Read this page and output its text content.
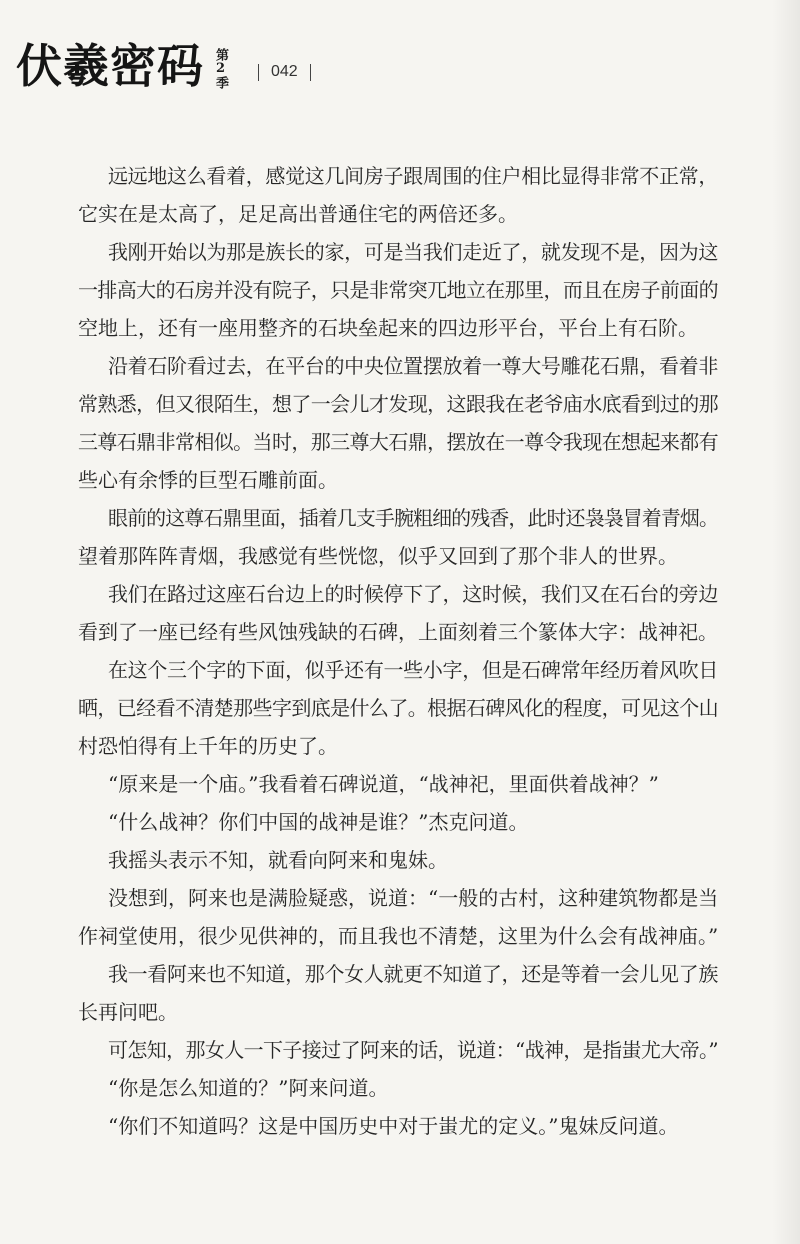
伏羲密码 第2季	042
远远地这么看着，感觉这几间房子跟周围的住户相比显得非常不正常，
它实在是太高了，足足高出普通住宅的两倍还多。
我刚开始以为那是族长的家，可是当我们走近了，就发现不是，因为这
一排高大的石房并没有院子，只是非常突兀地立在那里，而且在房子前面的
空地上，还有一座用整齐的石块垒起来的四边形平台，平台上有石阶。
沿着石阶看过去，在平台的中央位置摆放着一尊大号雕花石鼎，看着非
常熟悉，但又很陌生，想了一会儿才发现，这跟我在老爷庙水底看到过的那
三尊石鼎非常相似。当时，那三尊大石鼎，摆放在一尊令我现在想起来都有
些心有余悸的巨型石雕前面。
眼前的这尊石鼎里面，插着几支手腕粗细的残香，此时还袅袅冒着青烟。
望着那阵阵青烟，我感觉有些恍惚，似乎又回到了那个非人的世界。
我们在路过这座石台边上的时候停下了，这时候，我们又在石台的旁边
看到了一座已经有些风蚀残缺的石碑，上面刻着三个篆体大字：战神祀。
在这个三个字的下面，似乎还有一些小字，但是石碑常年经历着风吹日
晒，已经看不清楚那些字到底是什么了。根据石碑风化的程度，可见这个山
村恐怕得有上千年的历史了。
“原来是一个庙。”我看着石碑说道，“战神祀，里面供着战神？”
“什么战神？你们中国的战神是谁？”杰克问道。
我摇头表示不知，就看向阿来和鬼妹。
没想到，阿来也是满脸疑惑，说道：“一般的古村，这种建筑物都是当
作祠堂使用，很少见供神的，而且我也不清楚，这里为什么会有战神庙。”
我一看阿来也不知道，那个女人就更不知道了，还是等着一会儿见了族
长再问吧。
可怎知，那女人一下子接过了阿来的话，说道：“战神，是指蚩尤大帝。”
“你是怎么知道的？”阿来问道。
“你们不知道吗？这是中国历史中对于蚩尤的定义。”鬼妹反问道。
